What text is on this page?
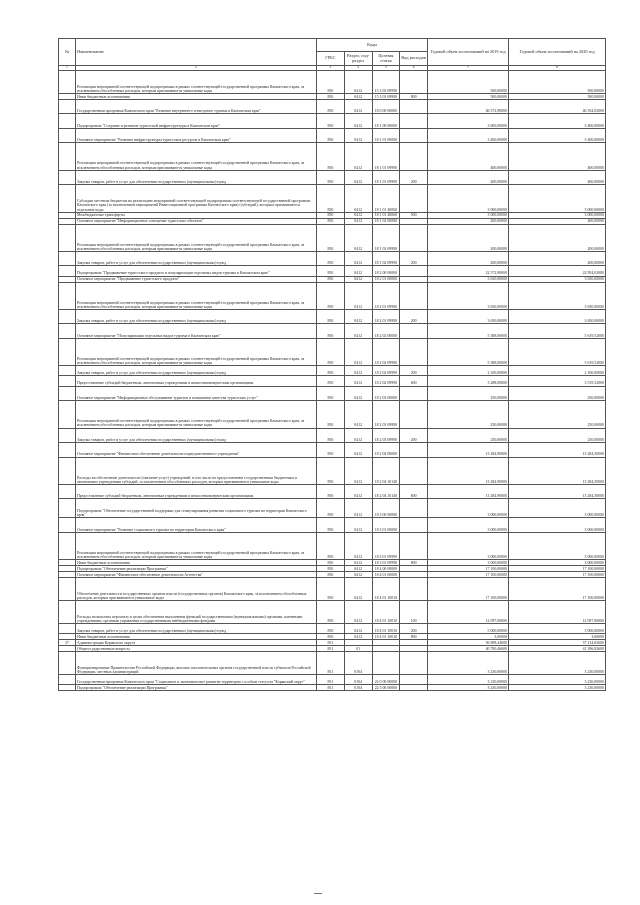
№	Наименование	Коды				Годовой объем ассигнований на 2019 год	Годовой объем ассигнований на 2020 год
		ГРБС	Раздел, под-раздел	Целевая статья	Вид расходов		
1	2	3	4	5	6	7	8
	Реализация мероприятий соответствующей подпрограммы в рамках соответствующей государственной программы Камчатского края, за исключением обособленных расходов, которым присваиваются уникальные коды	850	0412	15 3 03 09990		500,00000	500,00000
	Иные бюджетные ассигнования	850	0412	15 3 03 09990	800	500,00000	500,00000
	Государственная программа Камчатского края "Развитие внутреннего и въездного туризма в Камчатском крае"	850	0412	18 0 00 00000		46 572,90000	46 354,02000
	Подпрограмма "Создание и развитие туристской инфраструктуры в Камчатском крае"	850	0412	18 1 00 00000		3 600,00000	3 400,00000
	Основное мероприятие "Развитие инфраструктуры туристских ресурсов в Камчатском крае"	850	0412	18 1 01 00000		3 400,00000	3 400,00000
	Реализация мероприятий соответствующей подпрограммы в рамках соответствующей государственной программы Камчатского края, за исключением обособленных расходов, которым присваиваются уникальные коды	850	0412	18 1 01 09990		400,00000	400,00000
	Закупка товаров, работ и услуг для обеспечения государственных (муниципальных) нужд	850	0412	18 1 01 09990	200	400,00000	400,00000
	Субсидии местным бюджетам на реализацию мероприятий соответствующей подпрограммы соответствующей государственной программы Камчатского края (за исключением мероприятий Инвестиционной программы Камчатского края) (субсидий), которым присваиваются отдельные коды	850	0412	18 1 01 40060		3 000,00000	3 000,00000
	Межбюджетные трансферты	850	0412	18 1 01 40060	500	3 000,00000	3 000,00000
	Основное мероприятие "Информационное освещение туристских объектов"	850	0412	18 1 02 00000		200,00000	200,00000
	Реализация мероприятий соответствующей подпрограммы в рамках соответствующей государственной программы Камчатского края, за исключением обособленных расходов, которым присваиваются уникальные коды	850	0412	18 1 02 09990		200,00000	200,00000
	Закупка товаров, работ и услуг для обеспечения государственных (муниципальных) нужд	850	0412	18 1 02 09990	200	200,00000	200,00000
	Подпрограмма "Продвижение туристского продукта и популяризация отдельных видов туризма в Камчатском крае"	850	0412	18 2 00 00000		22 572,90000	22 954,02000
	Основное мероприятие "Продвижение туристского продукта"	850	0412	18 2 01 00000		3 650,00000	3 650,00000
	Реализация мероприятий соответствующей подпрограммы в рамках соответствующей государственной программы Камчатского края, за исключением обособленных расходов, которым присваиваются уникальные коды	850	0412	18 2 01 09990		3 650,00000	3 650,00000
	Закупка товаров, работ и услуг для обеспечения государственных (муниципальных) нужд	850	0412	18 2 01 09990	200	3 650,00000	3 650,00000
	Основное мероприятие "Популяризация отдельных видов туризма в Камчатском крае"	850	0412	18 2 02 00000		5 388,00000	5 619,52000
	Реализация мероприятий соответствующей подпрограммы в рамках соответствующей государственной программы Камчатского края, за исключением обособленных расходов, которым присваиваются уникальные коды	850	0412	18 2 02 09990		5 388,00000	5 619,52000
	Закупка товаров, работ и услуг для обеспечения государственных (муниципальных) нужд	850	0412	18 2 02 09990	200	2 100,00000	2 100,00000
	Предоставление субсидий бюджетным, автономным учреждениям и иным некоммерческим организациям	850	0412	18 2 02 09990	600	3 288,00000	3 519,52000
	Основное мероприятие "Информационное обслуживание туристов и повышение качества туристских услуг"	850	0412	18 2 03 00000		250,00000	250,00000
	Реализация мероприятий соответствующей подпрограммы в рамках соответствующей государственной программы Камчатского края, за исключением обособленных расходов, которым присваиваются уникальные коды	850	0412	18 2 03 09990		250,00000	250,00000
	Закупка товаров, работ и услуг для обеспечения государственных (муниципальных) нужд	850	0412	18 2 03 09990	200	250,00000	250,00000
	Основное мероприятие "Финансовое обеспечение деятельности подведомственного учреждения"	850	0412	18 2 04 00000		13 284,90000	13 284,50000
	Расходы на обеспечение деятельности (оказание услуг) учреждений, в том числе на предоставление государственным бюджетным и автономным учреждениям субсидий, за исключением обособленных расходов, которым присваиваются уникальные коды	850	0412	18 2 04 10140		13 284,90000	13 284,50000
	Предоставление субсидий бюджетным, автономным учреждениям и иным некоммерческим организациям	850	0412	18 2 04 10140	600	13 284,90000	13 284,50000
	Подпрограмма "Обеспечение государственной поддержки для стимулирования развития социального туризма на территории Камчатского края"	850	0412	18 3 00 00000		3 000,00000	3 000,00000
	Основное мероприятие "Развитие социального туризма на территории Камчатского края"	850	0412	18 3 01 00000		3 000,00000	3 000,00000
	Реализация мероприятий соответствующей подпрограммы в рамках соответствующей государственной программы Камчатского края, за исключением обособленных расходов, которым присваиваются уникальные коды	850	0412	18 3 01 09990		3 000,00000	3 000,00000
	Иные бюджетные ассигнования	850	0412	18 3 01 09990	800	3 000,00000	3 000,00000
	Подпрограмма "Обеспечение реализации Программы"	850	0412	18 4 00 00000		17 100,00000	17 100,00000
	Основное мероприятие "Финансовое обеспечение деятельности Агентства"	850	0412	18 4 01 00000		17 100,00000	17 100,00000
	Обеспечение деятельности государственных органов власти (государственных органов) Камчатского края, за исключением обособленных расходов, которым присваиваются уникальные коды	850	0412	18 4 01 10010		17 100,00000	17 100,00000
	Расходы на выплаты персоналу в целях обеспечения выполнения функций государственными (муниципальными) органами, казенными учреждениями, органами управления государственными внебюджетными фондами	850	0412	18 4 01 10010	100	12 097,00000	12 097,00000
	Закупка товаров, работ и услуг для обеспечения государственных (муниципальных) нужд	850	0412	18 4 01 10010	200	5 000,00000	5 000,00000
	Иные бюджетные ассигнования	850	0412	18 4 01 10010	800	3,00000	3,00000
37	Администрация Корякского округа	851				56 908,44600	57 214,82600
	Общегосударственные вопросы	851	01			40 780,46600	41 396,82600
	Функционирование Правительства Российской Федерации, высших исполнительных органов государственной власти субъектов Российской Федерации, местных администраций	851	0104			3 230,00000	3 230,00000
	Государственная программа Камчатского края "Социальное и экономическое развитие территории с особым статусом "Корякский округ"	851	0104	22 0 00 00000		3 230,00000	3 230,00000
	Подпрограмма "Обеспечение реализации Программы"	851	0104	22 5 00 00000		3 230,00000	3 230,00000
